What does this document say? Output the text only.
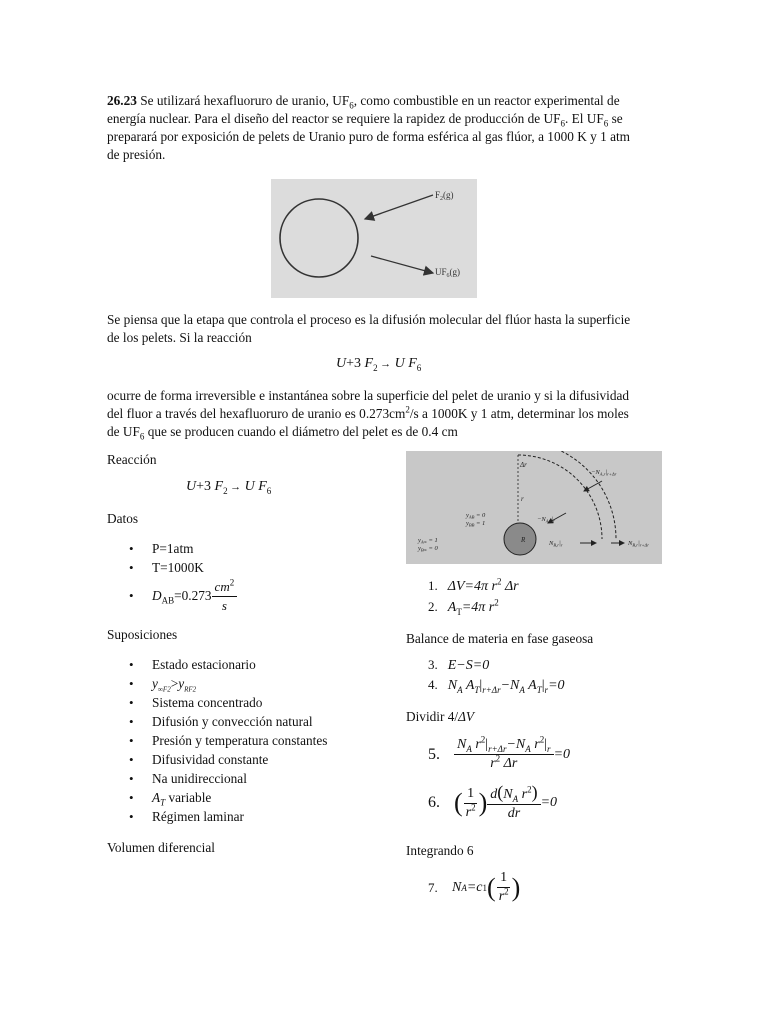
26.23 Se utilizará hexafluoruro de uranio, $UF_6$, como combustible en un reactor experimental de

energía nuclear. Para el diseño del reactor se requiere la rapidez de producción de $UF_6$. El $UF_6$ se

preparará por exposición de pelets de Uranio puro de forma esférica al gas flúor, a 1000 K y 1 atm

de presión.

$F_2(g)$
$UF_6(g)$

Se piensa que la etapa que controla el proceso es la difusión molecular del flúor hasta la superficie

de los pelets. Si la reacción

U+3 $F_2 \to U$ $F_6$

ocurre de forma irreversible e instantánea sobre la superficie del pelet de uranio y si la difusividad

del fluor a través del hexafluoruro de uranio es $0.273cm^2/s$ a 1000K y 1 atm, determinar los moles

de $UF_6$ que se producen cuando el diámetro del pelet es de 0.4 cm

Reacción

U+3 $F_2 \to U$ $F_6$

Datos

• P=1atm
• T=1000K
• $D_{AB}=0.273 \frac{cm^2}{s}$

Suposiciones

• Estado estacionario
• $y_{\infty F2}>y_{RF2}$
• Sistema concentrado
• Difusión y convección natural
• Presión y temperatura constantes
• Difusividad constante
• Na unidireccional
• $A_T$ variable
• Régimen laminar

Volumen diferencial

Δr
r
R
$y_{AB} = 0$
$y_{BB} = 1$
$y_{A\infty} = 1$
$y_{B\infty} = 0$
$-N_{A,r}|_{r+\Delta r}$
$-N_{A,r}|_r$
$N_{B,r}|_r$	$N_{B,r}|_{r+\Delta r}$
1. ΔV=4π $r^2$ Δr
2. $A_T=4\pi$ $r^2$

Balance de materia en fase gaseosa

3. E−S=0
4. $N_A$ $A_T|_{r+\Delta r}-N_A$ $A_T|_r=0$

Dividir 4/ΔV

5.	$\frac{N_A r^2|_{r+\Delta r}-N_A r^2|_r}{r^2 \Delta r} =0$
6. ( $\frac{1}{r^2}$ ) $\frac{d(N_A r^2)}{dr} =0$

Integrando 6

7.	N A =c 1 ( $\frac{1}{r^2}$ )
